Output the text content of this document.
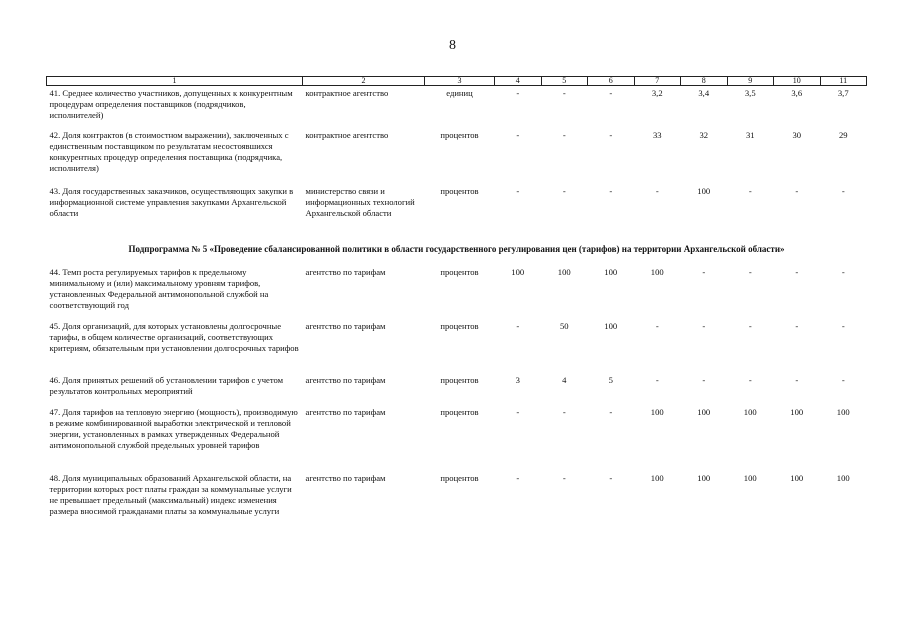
8
1	2	3	4	5	6	7	8	9	10	11
41. Среднее количество участников, допущенных к конкурентным процедурам определения поставщиков (подрядчиков, исполнителей)	контрактное агентство	единиц	-	-	-	3,2	3,4	3,5	3,6	3,7
42. Доля контрактов (в стоимостном выражении), заключенных с единственным поставщиком по результатам несостоявшихся конкурентных процедур определения поставщика (подрядчика, исполнителя)	контрактное агентство	процентов	-	-	-	33	32	31	30	29
43. Доля государственных заказчиков, осуществляющих закупки в информационной системе управления закупками Архангельской области	министерство связи и информационных технологий Архангельской области	процентов	-	-	-	-	100	-	-	-
Подпрограмма № 5 «Проведение сбалансированной политики в области государственного регулирования цен (тарифов) на территории Архангельской области»										
44. Темп роста регулируемых тарифов к предельному минимальному и (или) максимальному уровням тарифов, установленных Федеральной антимонопольной службой на соответствующий год	агентство по тарифам	процентов	100	100	100	100	-	-	-	-
45. Доля организаций, для которых установлены долгосрочные тарифы, в общем количестве организаций, соответствующих критериям, обязательным при установлении долгосрочных тарифов	агентство по тарифам	процентов	-	50	100	-	-	-	-	-
46. Доля принятых решений об установлении тарифов с учетом результатов контрольных мероприятий	агентство по тарифам	процентов	3	4	5	-	-	-	-	-
47. Доля тарифов на тепловую энергию (мощность), производимую в режиме комбинированной выработки электрической и тепловой энергии, установленных в рамках утвержденных Федеральной антимонопольной службой предельных уровней тарифов	агентство по тарифам	процентов	-	-	-	100	100	100	100	100
48. Доля муниципальных образований Архангельской области, на территории которых рост платы граждан за коммунальные услуги не превышает предельный (максимальный) индекс изменения размера вносимой гражданами платы за коммунальные услуги	агентство по тарифам	процентов	-	-	-	100	100	100	100	100
